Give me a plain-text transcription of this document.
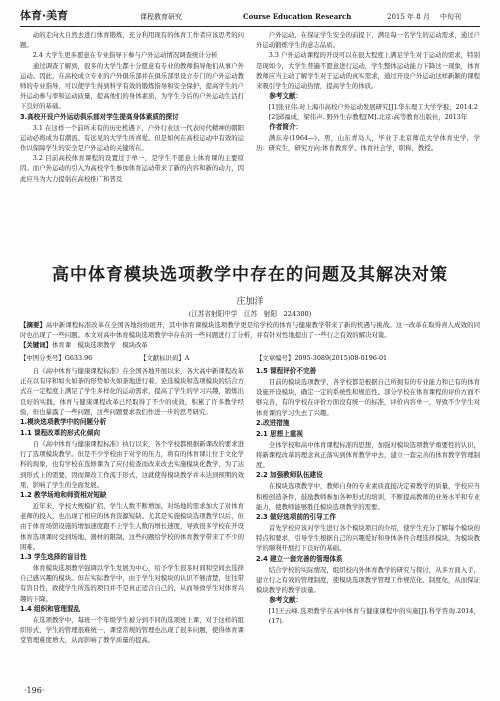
体育·美育	课程教育研究	Course Education Research	2015 年 8 月 中旬刊

动的走向大自然去进行体育锻炼，充分利用现有的体育工作者应该思考的问题。

2.4 大学生更多愿意在专业指导下参与户外运动情况调查统计分析

通过调查了解到，很多的大学生都十分愿意有专业的教师指导他们从事户外运动。因此，在高校成立专业的户外俱乐部并在俱乐部里设立专门的户外运动教师的专业指导，可以使学生得到科学有效的锻炼指导和安全保护，提高学生的户外运动参与率和运动质量，提高他们的身体素质，为学生今后的户外运动生活打下良好的基础。

3.高校开设户外运动俱乐部对学生提高身体素质的探讨

3.1 在这样一个前所未有的历史机遇下，户外行业这一代表时代精神的朝阳运动必将成为有潮流、有远见的大学生所喜爱。但是如何在高校运动中有效的运作以保障学生的安全是户外运动的关键所在。

3.2 目前高校体育课程的设置过于单一，是学生不愿意上体育课的主要原因。而户外运动的引入为高校学生参加体育运动带来了新的内容和新的动力，因此应当为大力提倡在高校推广和普及

户外运动，在保证学生安全的前提下，满足每一名学生的运动需求，通过户外运动锻炼学生的意志品质。

3.3 户外运动课程的开设可以在很大程度上满足学生对于运动的需求，特别是现如今，大学生普遍不愿意进行运动，学生整体运动能力下降这一现象，体育教师应当主动了解学生对于运动的真实需求，通过开设户外运动这样新颖的课程来吸引学生的运动热情，提高学生的体质。

参考文献：

[1]张亚伟.对上海市高校户外运动发展研究[J].华东理工大学学报，2014.2

[2]邱福成，梁伟声. 野外生存教程[M].北京:高等教育出版社，2013年

作者简介：

满东寿(1964—)，男，山东青岛人，毕业于北京师范大学体育史学，学历：研究生，研究方向:体育教育学、体育社会学，职称，教授。

高中体育模块选项教学中存在的问题及其解决对策
庄加洋
(江苏省射阳中学　江苏　射阳　224300)

【摘要】高中新课程标准改革在全国各地纷纷展开，其中体育课模块选项教学更是给学校的体育与健康教学带来了新的机遇与挑战。这一改革在取得喜人成效的同时也出现了一些问题。本文对高中体育模块选项教学中存在的一些问题进行了分析，并有针对性地提出了一些行之有效的解决对策。

【关键词】体育课　模块选项教学　模块改革

【中图分类号】G633.96	【文献标识码】A	【文章编号】2095-3089(2015)08-0196-01

自《高中体育与健康课程标准》在全国各地开展以来，各大高中新课程改革正在以有序和如火如荼的形势如火如荼地进行着。论选模块和选项模块的结合方式在一定程度上满足了学生多样化的运动需求，提高了学生的学习兴趣，锻炼出良好的实践，体育与健康课程改革已经取得了不少的成效，积累了许多教学经验，但也暴露了一些问题，这些问题要求我们作进一步的思考研究。

1.模块选项教学中的问题分析
1.1 课程改革的形式化倾向

自《高中体育与健康课程标准》执行以来，各个学校都根据新课改的要求进行了选项模块教学。但是不少学校由于对学的压力，将有的体育课让位于文化学科的现象，也有学校在选修课为了应付检查而改来改去实施模块化教学，为了达到形式上的需要，因而课改工作流于形式，这就使得模块教学并未达到预期的效果，影响了学生的全面发展。

1.2 教学场地和师资相对短缺

近年来，学校大规模扩招、学生人数不断增加，对场地的需求加大了对体育老师的投入，也出现了相应的体育资源短缺。尤其是实施模块选项教学以后，但由于体育场馆设施的增加速度跟不上学生人数的增长速度，导致很多学校在开设体育选项课时受到场地、器材的限制，这些问题给学校的体育教学带来了不少的困难。

1.3 学生选择的盲目性

体育模块选项教学强调以学生发展为中心，给予学生很多时间和空间去选择自己感兴趣的模块。但在实际教学中，由于学生对模块的认识不够清楚，往往带有盲目性，致使学生所选的项目并不是真正适合自己的，从而导致学生对体育兴趣的下降。

1.4 组织和管理混乱

在选项教学中，每班一个年级学生被分到不同的选项班上课，对于这样的组织形式，学生的管理很难统一，课堂常规的管理也出现了很多问题，使得体育课堂管理难度增大，从而影响了教学质量的提高。

1.5 课程评价不完善

目前的模块选项教学，各学校都是根据自己所拥有的专业能力和已有的体育设施开设模块，确定一定的系统性和规范性。部分学校在体育课程的评价方面不够完善，有的学校在评价方面没有统一的标准，评价内容单一，导致不少学生对体育课的学习失去了兴趣。

2.改进措施
2.1 思想上重视

全体学校和高中体育课程标准的思想，加强对模块选项教学重要性的认识，将新课程改革的理念真正落实到体育教学中去，建立一套完善的体育教学管理制度。

2.2 加强教师队伍建设

在模块选项教学中，教师自身的专业素质直接决定着教学的质量，学校应当积极创造条件，鼓励教师参加各种形式的培训，不断提高教师的业务水平和专业能力，使教师能够胜任模块选项教学的需要。

2.3 做好选项前的引导工作

首先学校应该对学生进行各个模块项目的介绍，使学生充分了解每个模块的特点和要求，引导学生根据自己的兴趣爱好和身体条件合理选择模块，为模块教学的顺利开展打下良好的基础。

2.4 建立一套完善的管理体系

结合学校的实际情况，组织校内外体育教学的研究与探讨，从多方面入手，建立行之有效的管理制度，使模块选项教学管理工作规范化、制度化，从而保证模块教学的教学质量。

参考文献：

[1]王云峰.选项教学在高中体育与健康课程中的实施[J].科学咨询.2014，(17).

·196·
